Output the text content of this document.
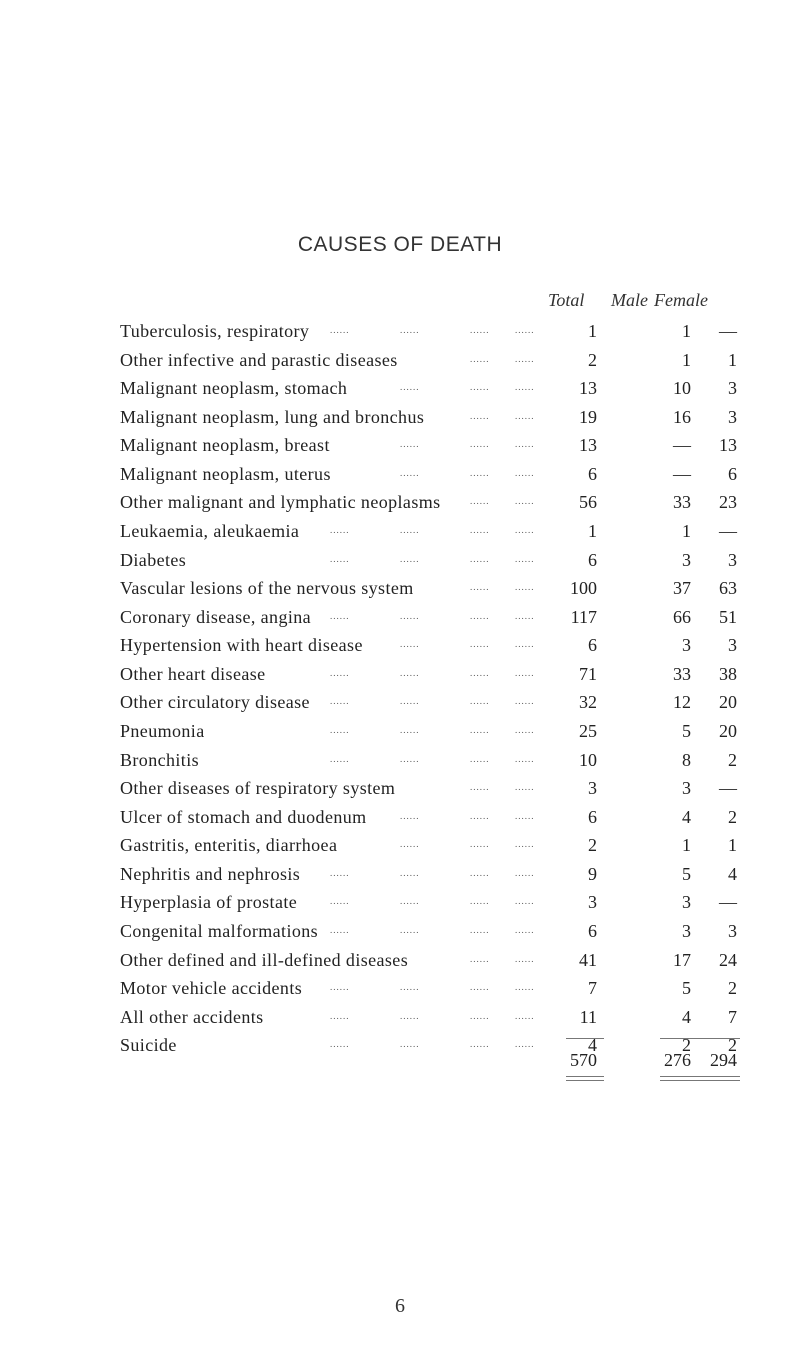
CAUSES OF DEATH
Total Male Female
Tuberculosis, respiratory	1	1	—
......	......	......	......
Other infective and parastic diseases	2	1	1
......	......
Malignant neoplasm, stomach	13	10	3
......	......	......
Malignant neoplasm, lung and bronchus	19	16	3
......	......
Malignant neoplasm, breast	13	—	13
......	......	......
Malignant neoplasm, uterus	6	—	6
......	......	......
Other malignant and lymphatic neoplasms	56	33	23
......	......
Leukaemia, aleukaemia	1	1	—
......	......	......	......
Diabetes	6	3	3
......	......	......	......
Vascular lesions of the nervous system	100	37	63
......	......
Coronary disease, angina	117	66	51
......	......	......	......
Hypertension with heart disease	6	3	3
......	......	......
Other heart disease	71	33	38
......	......	......	......
Other circulatory disease	32	12	20
......	......	......	......
Pneumonia	25	5	20
......	......	......	......
Bronchitis	10	8	2
......	......	......	......
Other diseases of respiratory system	3	3	—
......	......
Ulcer of stomach and duodenum	6	4	2
......	......	......
Gastritis, enteritis, diarrhoea	2	1	1
......	......	......
Nephritis and nephrosis	9	5	4
......	......	......	......
Hyperplasia of prostate	3	3	—
......	......	......	......
Congenital malformations	6	3	3
......	......	......	......
Other defined and ill-defined diseases	41	17	24
......	......
Motor vehicle accidents	7	5	2
......	......	......	......
All other accidents	11	4	7
......	......	......	......
Suicide	4	2	2
......	......	......	......
570	276	294
6
